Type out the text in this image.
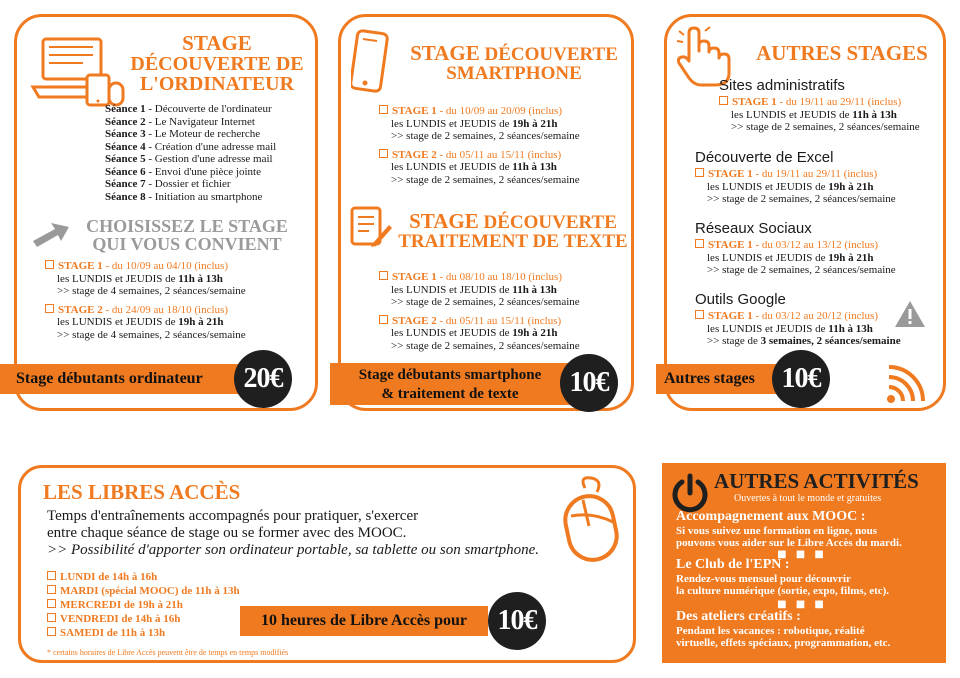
STAGE
DÉCOUVERTE DE
L'ORDINATEUR
Séance 1 - Découverte de l'ordinateur
Séance 2 - Le Navigateur Internet
Séance 3 - Le Moteur de recherche
Séance 4 - Création d'une adresse mail
Séance 5 - Gestion d'une adresse mail
Séance 6 - Envoi d'une pièce jointe
Séance 7 - Dossier et fichier
Séance 8 - Initiation au smartphone
CHOISISSEZ LE STAGE
QUI VOUS CONVIENT
STAGE 1 - du 10/09 au 04/10 (inclus)
les LUNDIS et JEUDIS de 11h à 13h
>> stage de 4 semaines, 2 séances/semaine
STAGE 2 - du 24/09 au 18/10 (inclus)
les LUNDIS et JEUDIS de 19h à 21h
>> stage de 4 semaines, 2 séances/semaine
Stage débutants ordinateur	20€
STAGE DÉCOUVERTE
SMARTPHONE
STAGE 1 - du 10/09 au 20/09 (inclus)
les LUNDIS et JEUDIS de 19h à 21h
>> stage de 2 semaines, 2 séances/semaine
STAGE 2 - du 05/11 au 15/11 (inclus)
les LUNDIS et JEUDIS de 11h à 13h
>> stage de 2 semaines, 2 séances/semaine
STAGE DÉCOUVERTE
TRAITEMENT DE TEXTE
STAGE 1 - du 08/10 au 18/10 (inclus)
les LUNDIS et JEUDIS de 11h à 13h
>> stage de 2 semaines, 2 séances/semaine
STAGE 2 - du 05/11 au 15/11 (inclus)
les LUNDIS et JEUDIS de 19h à 21h
>> stage de 2 semaines, 2 séances/semaine
Stage débutants smartphone
& traitement de texte	10€
AUTRES STAGES
Sites administratifs
STAGE 1 - du 19/11 au 29/11 (inclus)
les LUNDIS et JEUDIS de 11h à 13h
>> stage de 2 semaines, 2 séances/semaine
Découverte de Excel
STAGE 1 - du 19/11 au 29/11 (inclus)
les LUNDIS et JEUDIS de 19h à 21h
>> stage de 2 semaines, 2 séances/semaine
Réseaux Sociaux
STAGE 1 - du 03/12 au 13/12 (inclus)
les LUNDIS et JEUDIS de 19h à 21h
>> stage de 2 semaines, 2 séances/semaine
Outils Google
STAGE 1 - du 03/12 au 20/12 (inclus)
les LUNDIS et JEUDIS de 11h à 13h
>> stage de 3 semaines, 2 séances/semaine
Autres stages 10€
LES LIBRES ACCÈS
Temps d'entraînements accompagnés pour pratiquer, s'exercer
entre chaque séance de stage ou se former avec des MOOC.
>> Possibilité d'apporter son ordinateur portable, sa tablette ou son smartphone.
LUNDI de 14h à 16h
MARDI (spécial MOOC) de 11h à 13h
MERCREDI de 19h à 21h
VENDREDI de 14h à 16h
SAMEDI de 11h à 13h
* certains horaires de Libre Accès peuvent être de temps en temps modifiés
10 heures de Libre Accès pour	10€
AUTRES ACTIVITÉS
Ouvertes à tout le monde et gratuites
Accompagnement aux MOOC :
Si vous suivez une formation en ligne, nous
pouvons vous aider sur le Libre Accès du mardi.
■ ■ ■
Le Club de l'EPN :
Rendez-vous mensuel pour découvrir
la culture numérique (sortie, expo, films, etc).
■ ■ ■
Des ateliers créatifs :
Pendant les vacances : robotique, réalité
virtuelle, effets spéciaux, programmation, etc.
